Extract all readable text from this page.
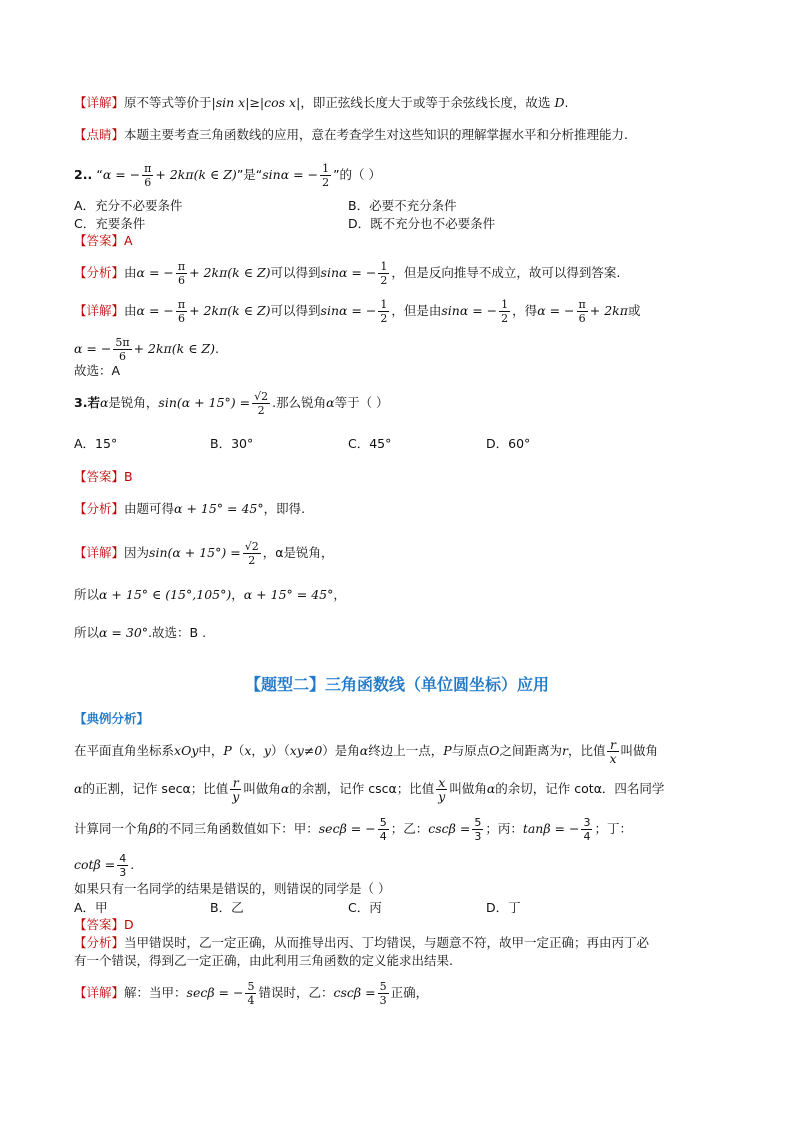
【详解】原不等式等价于|sin x|≥|cos x|，即正弦线长度大于或等于余弦线长度，故选 D.
【点睛】本题主要考查三角函数线的应用，意在考查学生对这些知识的理解掌握水平和分析推理能力.
2.. “α = − $\frac{\pi}{6} + 2k\pi(k$ ∈ Z)”是“sinα = − $\frac{1}{2}$ ”的（ ）
A．充分不必要条件	B．必要不充分条件
C．充要条件	D．既不充分也不必要条件
【答案】A
【分析】由α = − $\frac{\pi}{6} + 2k\pi(k$ ∈ Z)可以得到sinα = − $\frac{1}{2}$ ，但是反向推导不成立，故可以得到答案.
【详解】由α = − $\frac{\pi}{6} + 2k\pi(k$ ∈ Z)可以得到sinα = − $\frac{1}{2}$ ，但是由sinα = − $\frac{1}{2}$ ，得α = − $\frac{\pi}{6} + 2k\pi$或
α = − $\frac{5\pi}{6} + 2k\pi(k$ ∈ Z).
故选：A
3.若α是锐角，$\sin(\alpha + 15^\circ) = \frac{√2}{2}$ .那么锐角α等于（ ）
A．15°	B．30°	C．45°	D．60°
【答案】B
【分析】由题可得α + 15° = 45°，即得.
【详解】因为$\sin(\alpha + 15^\circ) = \frac{√2}{2}$ ，α是锐角，
所以α + 15° ∈ (15°,105°)，α + 15° = 45°，
所以α = 30°.故选：B .
【题型二】三角函数线（单位圆坐标）应用
【典例分析】
在平面直角坐标系xOy中，P（x，y）（xy≠0）是角α终边上一点，P与原点O之间距离为r，比值 $\frac{r}{x}$ 叫做角
α的正割，记作 secα；比值 $\frac{r}{y}$ 叫做角α的余割，记作 cscα；比值 $\frac{x}{y}$ 叫做角α的余切，记作 cotα．四名同学
计算同一个角β的不同三角函数值如下：甲：secβ = − $\frac{5}{4}$ ；乙：$\csc\beta = \frac{5}{3}$ ；丙：tanβ = − $\frac{3}{4}$ ；丁：
$\cot\beta = \frac{4}{3}$ .
如果只有一名同学的结果是错误的，则错误的同学是（ ）
A．甲	B．乙	C．丙	D．丁
【答案】D
【分析】当甲错误时，乙一定正确，从而推导出丙、丁均错误，与题意不符，故甲一定正确；再由丙丁必
有一个错误，得到乙一定正确，由此利用三角函数的定义能求出结果.
【详解】解：当甲：secβ = − $\frac{5}{4}$ 错误时，乙：$\csc\beta = \frac{5}{3}$ 正确，
